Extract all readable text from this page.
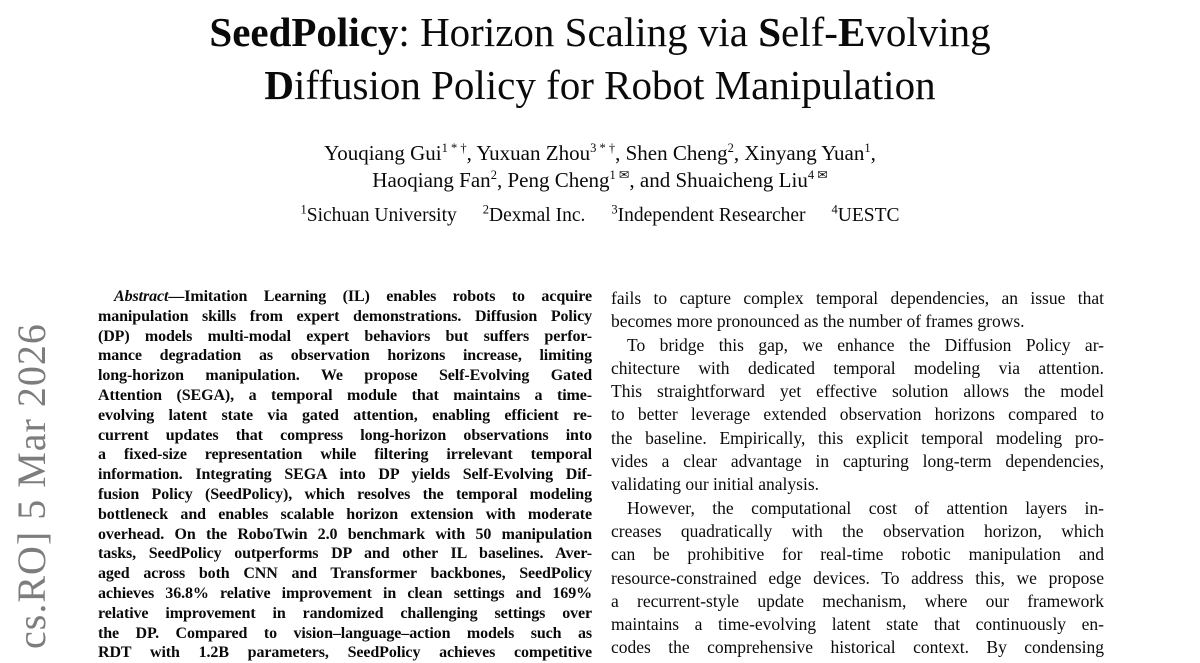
cs.RO] 5 Mar 2026
SeedPolicy: Horizon Scaling via Self-Evolving
Diffusion Policy for Robot Manipulation
Youqiang Gui$^{1 * \dagger}$, Yuxuan Zhou$^{3 * \dagger}$, Shen Cheng$^2$, Xinyang Yuan$^1$,
Haoqiang Fan$^2$, Peng Cheng$^{1 ✉}$, and Shuaicheng Liu$^{4 ✉}$
$^1$Sichuan University $^2$Dexmal Inc. $^3$Independent Researcher $^4$UESTC
Abstract—Imitation Learning (IL) enables robots to acquire
manipulation skills from expert demonstrations. Diffusion Policy
(DP) models multi-modal expert behaviors but suffers perfor-
mance degradation as observation horizons increase, limiting
long-horizon manipulation. We propose Self-Evolving Gated
Attention (SEGA), a temporal module that maintains a time-
evolving latent state via gated attention, enabling efficient re-
current updates that compress long-horizon observations into
a fixed-size representation while filtering irrelevant temporal
information. Integrating SEGA into DP yields Self-Evolving Dif-
fusion Policy (SeedPolicy), which resolves the temporal modeling
bottleneck and enables scalable horizon extension with moderate
overhead. On the RoboTwin 2.0 benchmark with 50 manipulation
tasks, SeedPolicy outperforms DP and other IL baselines. Aver-
aged across both CNN and Transformer backbones, SeedPolicy
achieves 36.8% relative improvement in clean settings and 169%
relative improvement in randomized challenging settings over
the DP. Compared to vision–language–action models such as
RDT with 1.2B parameters, SeedPolicy achieves competitive
fails to capture complex temporal dependencies, an issue that
becomes more pronounced as the number of frames grows.
To bridge this gap, we enhance the Diffusion Policy ar-
chitecture with dedicated temporal modeling via attention.
This straightforward yet effective solution allows the model
to better leverage extended observation horizons compared to
the baseline. Empirically, this explicit temporal modeling pro-
vides a clear advantage in capturing long-term dependencies,
validating our initial analysis.
However, the computational cost of attention layers in-
creases quadratically with the observation horizon, which
can be prohibitive for real-time robotic manipulation and
resource-constrained edge devices. To address this, we propose
a recurrent-style update mechanism, where our framework
maintains a time-evolving latent state that continuously en-
codes the comprehensive historical context. By condensing
